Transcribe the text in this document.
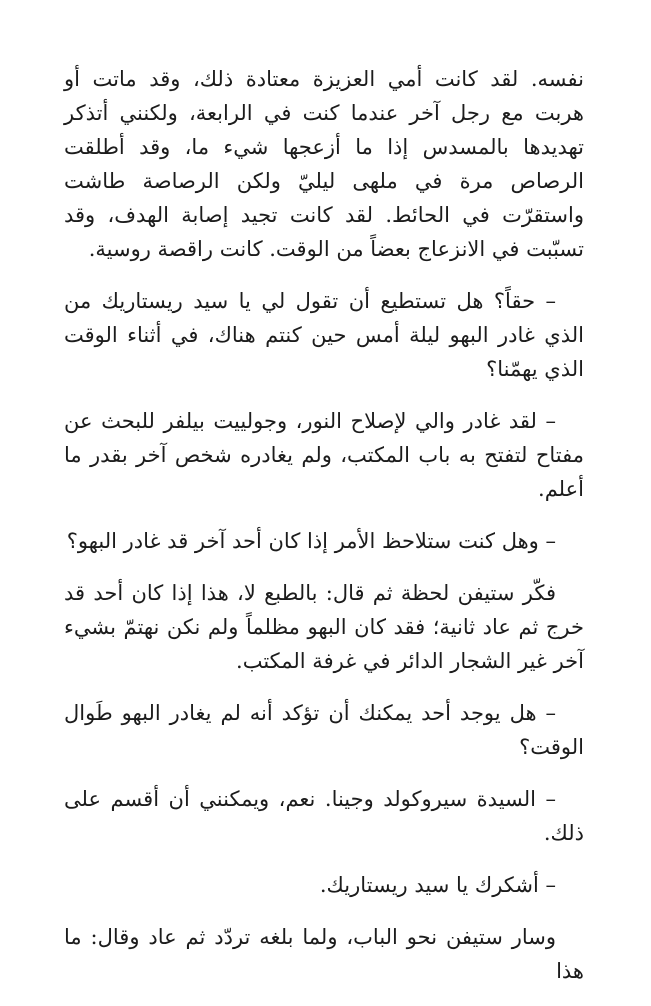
نفسه. لقد كانت أمي العزيزة معتادة ذلك، وقد ماتت أو هربت مع رجل آخر عندما كنت في الرابعة، ولكنني أتذكر تهديدها بالمسدس إذا ما أزعجها شيء ما، وقد أطلقت الرصاص مرة في ملهى ليليّ ولكن الرصاصة طاشت واستقرّت في الحائط. لقد كانت تجيد إصابة الهدف، وقد تسبّبت في الانزعاج بعضاً من الوقت. كانت راقصة روسية.

– حقاً؟ هل تستطيع أن تقول لي يا سيد ريستاريك من الذي غادر البهو ليلة أمس حين كنتم هناك، في أثناء الوقت الذي يهمّنا؟

– لقد غادر والي لإصلاح النور، وجولييت بيلفر للبحث عن مفتاح لتفتح به باب المكتب، ولم يغادره شخص آخر بقدر ما أعلم.

– وهل كنت ستلاحظ الأمر إذا كان أحد آخر قد غادر البهو؟

فكّر ستيفن لحظة ثم قال: بالطبع لا، هذا إذا كان أحد قد خرج ثم عاد ثانية؛ فقد كان البهو مظلماً ولم نكن نهتمّ بشيء آخر غير الشجار الدائر في غرفة المكتب.

– هل يوجد أحد يمكنك أن تؤكد أنه لم يغادر البهو طَوال الوقت؟

– السيدة سيروكولد وجينا. نعم، ويمكنني أن أقسم على ذلك.

– أشكرك يا سيد ريستاريك.

وسار ستيفن نحو الباب، ولما بلغه تردّد ثم عاد وقال: ما هذا
